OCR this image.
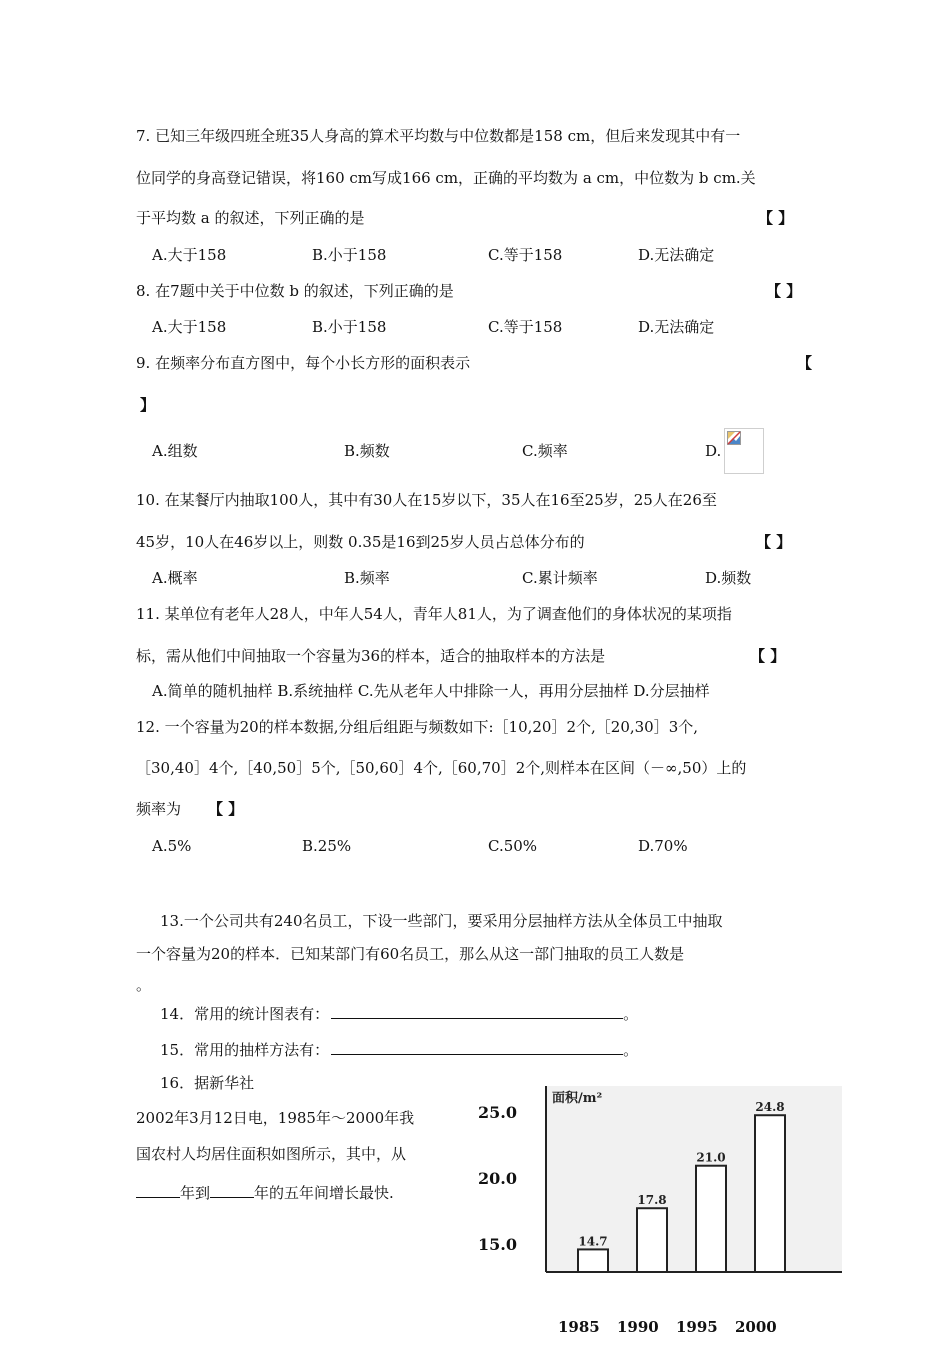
7. 已知三年级四班全班35人身高的算术平均数与中位数都是158 cm，但后来发现其中有一
位同学的身高登记错误，将160 cm写成166 cm，正确的平均数为 a cm，中位数为 b cm.关
于平均数 a 的叙述，下列正确的是	【 】
A.大于158	B.小于158	C.等于158	D.无法确定
8. 在7题中关于中位数 b 的叙述，下列正确的是	【 】
A.大于158	B.小于158	C.等于158	D.无法确定
9. 在频率分布直方图中，每个小长方形的面积表示	【
】
A.组数	B.频数	C.频率	D.
10. 在某餐厅内抽取100人，其中有30人在15岁以下，35人在16至25岁，25人在26至
45岁，10人在46岁以上，则数 0.35是16到25岁人员占总体分布的	【 】
A.概率	B.频率	C.累计频率	D.频数
11. 某单位有老年人28人，中年人54人，青年人81人，为了调查他们的身体状况的某项指
标，需从他们中间抽取一个容量为36的样本，适合的抽取样本的方法是	【 】
A.简单的随机抽样 B.系统抽样 C.先从老年人中排除一人，再用分层抽样 D.分层抽样
12. 一个容量为20的样本数据,分组后组距与频数如下:［10,20］2个,［20,30］3个,
［30,40］4个,［40,50］5个,［50,60］4个,［60,70］2个,则样本在区间（－∞,50）上的
频率为 【 】
A.5%	B.25%	C.50%	D.70%
13.一个公司共有240名员工，下设一些部门，要采用分层抽样方法从全体员工中抽取
一个容量为20的样本．已知某部门有60名员工，那么从这一部门抽取的员工人数是
。
14．常用的统计图表有：	。
15．常用的抽样方法有：	。
16．据新华社
2002年3月12日电，1985年～2000年我
国农村人均居住面积如图所示，其中，从
年到	年的五年间增长最快.
面积/m²
14.7
17.8
21.0
24.8
1985 1990 1995 2000
25.0
20.0
15.0
